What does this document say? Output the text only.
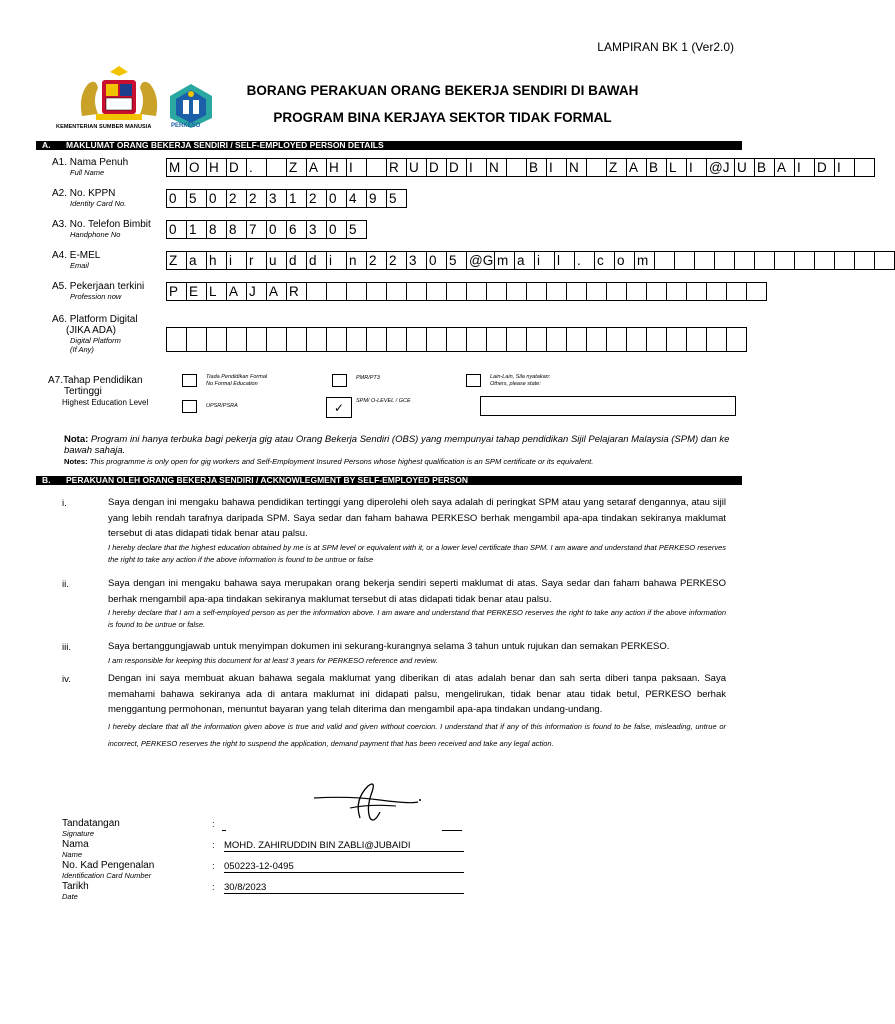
LAMPIRAN BK 1 (Ver2.0)
KEMENTERIAN SUMBER MANUSIA	PERKESO
BORANG PERAKUAN ORANG BEKERJA SENDIRI DI BAWAH
PROGRAM BINA KERJAYA SEKTOR TIDAK FORMAL
A. MAKLUMAT ORANG BEKERJA SENDIRI / SELF-EMPLOYED PERSON DETAILS
A1. Nama Penuh
Full Name	M O H D .	Z A H I	R U D D I	N	B I	N	Z A B L I	@J U B A I	D I
A2. No. KPPN
Identity Card No.	0 5 0 2 2 3 1 2 0 4 9 5
A3. No. Telefon Bimbit
Handphone No	0 1 8 8 7 0 6 3 0 5
A4. E-MEL
Email	Z a h i	r	u d d i	n 2 2 3 0 5 @G m a i	l	.	c o m
A5. Pekerjaan terkini
Profession now	P E L A J A R
A6. Platform Digital
(JIKA ADA)
Digital Platform
(If Any)
A7.Tahap Pendidikan
Tertinggi
Highest Education Level
Tiada Pendidikan Formal
No Formal Education
PMR/PT3	Lain-Lain, Sila nyatakan:
Others, please state:
UPSR/PSRA	✓	SPM/ O-LEVEL / GCE
Nota: Program ini hanya terbuka bagi pekerja gig atau Orang Bekerja Sendiri (OBS) yang mempunyai tahap pendidikan Sijil Pelajaran Malaysia (SPM) dan ke bawah sahaja.
Notes: This programme is only open for gig workers and Self-Employment Insured Persons whose highest qualification is an SPM certificate or its equivalent.
B. PERAKUAN OLEH ORANG BEKERJA SENDIRI / ACKNOWLEGMENT BY SELF-EMPLOYED PERSON
i.	Saya dengan ini mengaku bahawa pendidikan tertinggi yang diperolehi oleh saya adalah di peringkat SPM atau yang setaraf dengannya, atau sijil yang lebih rendah tarafnya daripada SPM. Saya sedar dan faham bahawa PERKESO berhak mengambil apa-apa tindakan sekiranya maklumat tersebut di atas didapati tidak benar atau palsu.
I hereby declare that the highest education obtained by me is at SPM level or equivalent with it, or a lower level certificate than SPM. I am aware and understand that PERKESO reserves the right to take any action if the above information is found to be untrue or false
ii.	Saya dengan ini mengaku bahawa saya merupakan orang bekerja sendiri seperti maklumat di atas. Saya sedar dan faham bahawa PERKESO berhak mengambil apa-apa tindakan sekiranya maklumat tersebut di atas didapati tidak benar atau palsu.
I hereby declare that I am a self-employed person as per the information above. I am aware and understand that PERKESO reserves the right to take any action if the above information is found to be untrue or false.
iii.	Saya bertanggungjawab untuk menyimpan dokumen ini sekurang-kurangnya selama 3 tahun untuk rujukan dan semakan PERKESO.
I am responsible for keeping this document for at least 3 years for PERKESO reference and review.
iv.	Dengan ini saya membuat akuan bahawa segala maklumat yang diberikan di atas adalah benar dan sah serta diberi tanpa paksaan. Saya memahami bahawa sekiranya ada di antara maklumat ini didapati palsu, mengelirukan, tidak benar atau tidak betul, PERKESO berhak menggantung permohonan, menuntut bayaran yang telah diterima dan mengambil apa-apa tindakan undang-undang.
I hereby declare that all the information given above is true and valid and given without coercion. I understand that if any of this information is found to be false, misleading, untrue or incorrect, PERKESO reserves the right to suspend the application, demand payment that has been received and take any legal action.
Tandatangan
Signature
:
Nama
Name
: MOHD. ZAHIRUDDIN BIN ZABLI@JUBAIDI
No. Kad Pengenalan
Identification Card Number
: 050223-12-0495
Tarikh
Date
: 30/8/2023
